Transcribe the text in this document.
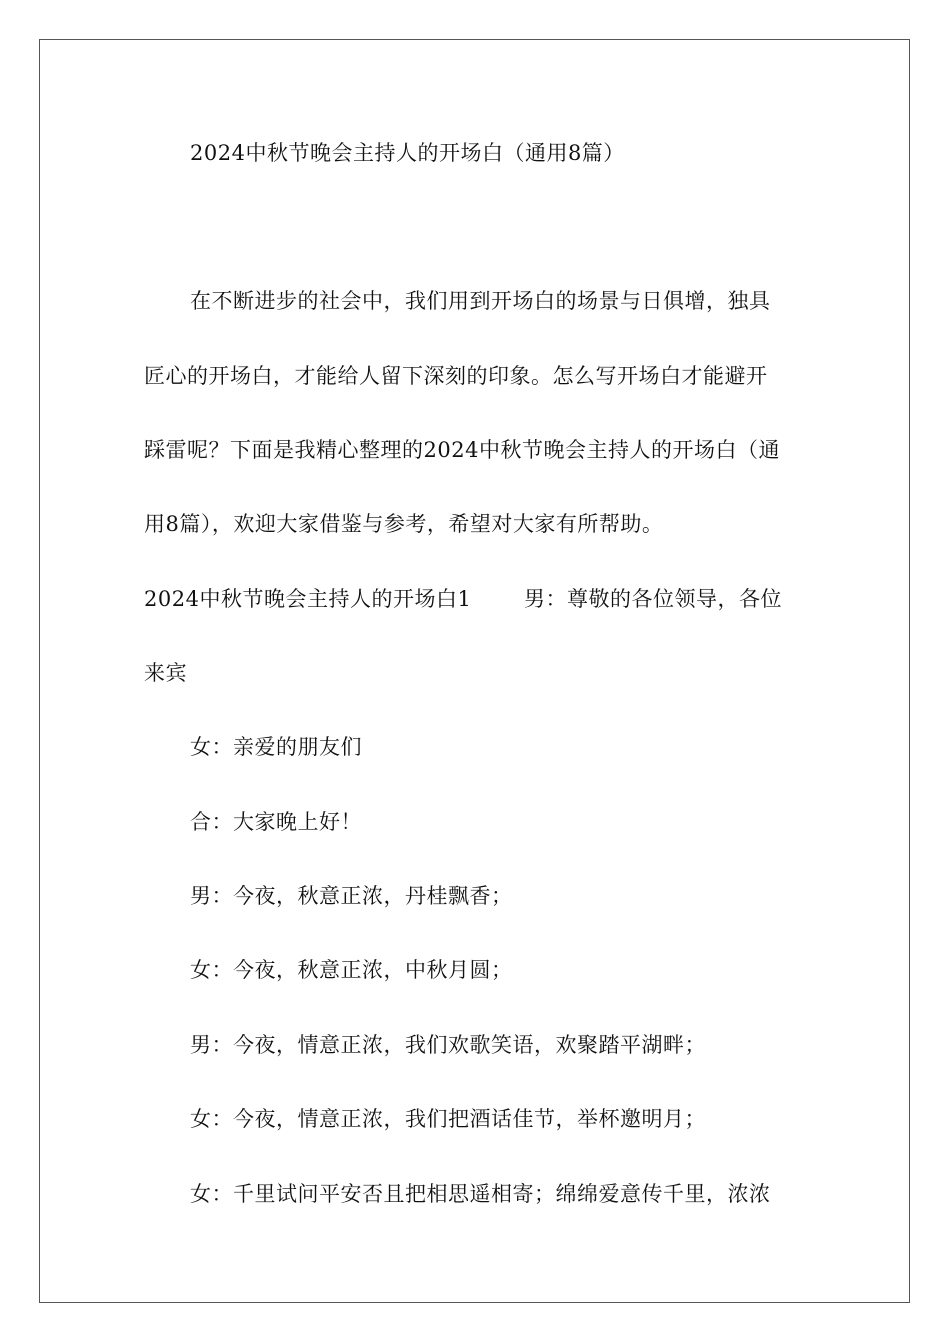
2024中秋节晚会主持人的开场白（通用8篇）
在不断进步的社会中，我们用到开场白的场景与日俱增，独具
匠心的开场白，才能给人留下深刻的印象。怎么写开场白才能避开
踩雷呢？下面是我精心整理的2024中秋节晚会主持人的开场白（通
用8篇），欢迎大家借鉴与参考，希望对大家有所帮助。
2024中秋节晚会主持人的开场白1	男：尊敬的各位领导，各位
来宾
女：亲爱的朋友们
合：大家晚上好！
男：今夜，秋意正浓，丹桂飘香；
女：今夜，秋意正浓，中秋月圆；
男：今夜，情意正浓，我们欢歌笑语，欢聚踏平湖畔；
女：今夜，情意正浓，我们把酒话佳节，举杯邀明月；
女：千里试问平安否且把相思遥相寄；绵绵爱意传千里，浓浓
